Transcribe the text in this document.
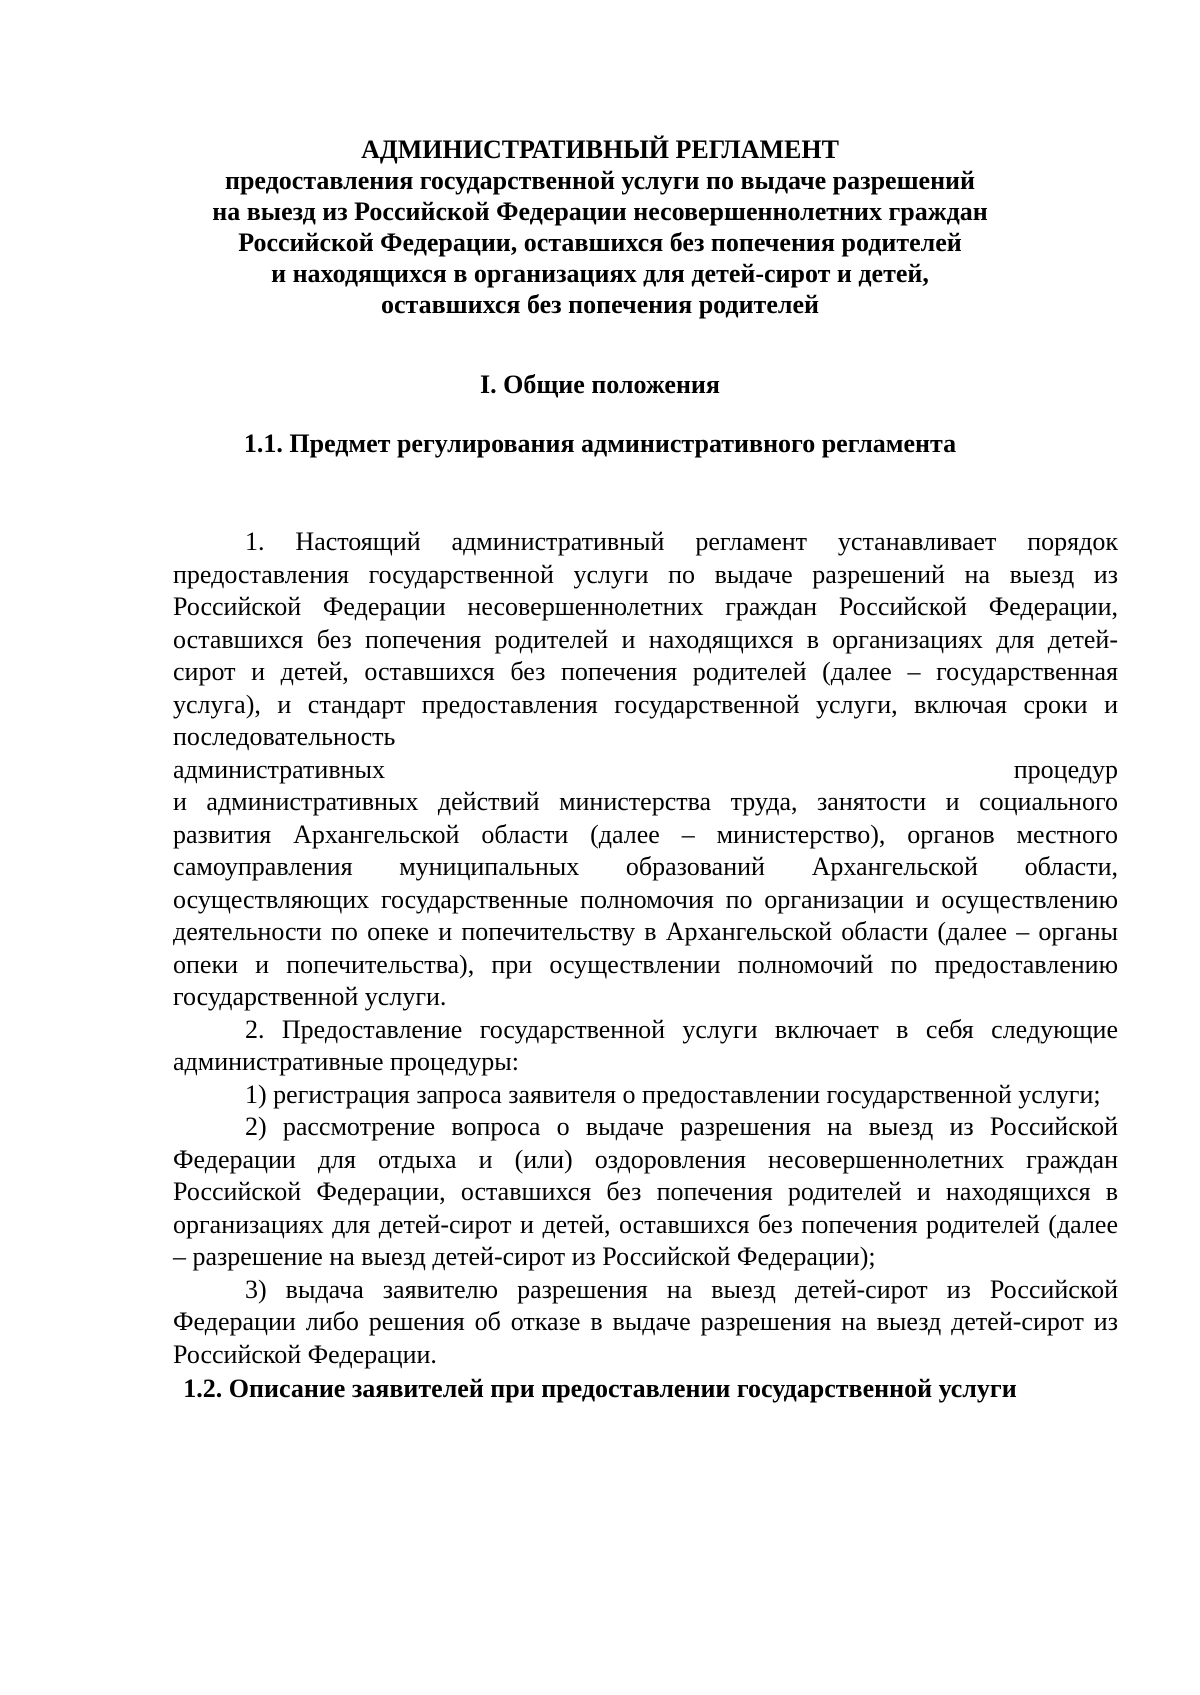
АДМИНИСТРАТИВНЫЙ РЕГЛАМЕНТ
предоставления государственной услуги по выдаче разрешений
на выезд из Российской Федерации несовершеннолетних граждан
Российской Федерации, оставшихся без попечения родителей
и находящихся в организациях для детей-сирот и детей,
оставшихся без попечения родителей
I. Общие положения
1.1. Предмет регулирования административного регламента

1. Настоящий административный регламент устанавливает порядок предоставления государственной услуги по выдаче разрешений на выезд из Российской Федерации несовершеннолетних граждан Российской Федерации, оставшихся без попечения родителей и находящихся в организациях для детей-сирот и детей, оставшихся без попечения родителей (далее – государственная услуга), и стандарт предоставления государственной услуги, включая сроки и последовательность

административных	процедур

и административных действий министерства труда, занятости и социального развития Архангельской области (далее – министерство), органов местного самоуправления муниципальных образований Архангельской области, осуществляющих государственные полномочия по организации и осуществлению деятельности по опеке и попечительству в Архангельской области (далее – органы опеки и попечительства), при осуществлении полномочий по предоставлению государственной услуги.

2. Предоставление государственной услуги включает в себя следующие административные процедуры:

1) регистрация запроса заявителя о предоставлении государственной услуги;

2) рассмотрение вопроса о выдаче разрешения на выезд из Российской Федерации для отдыха и (или) оздоровления несовершеннолетних граждан Российской Федерации, оставшихся без попечения родителей и находящихся в организациях для детей-сирот и детей, оставшихся без попечения родителей (далее – разрешение на выезд детей-сирот из Российской Федерации);

3) выдача заявителю разрешения на выезд детей-сирот из Российской Федерации либо решения об отказе в выдаче разрешения на выезд детей-сирот из Российской Федерации.

1.2. Описание заявителей при предоставлении государственной услуги
